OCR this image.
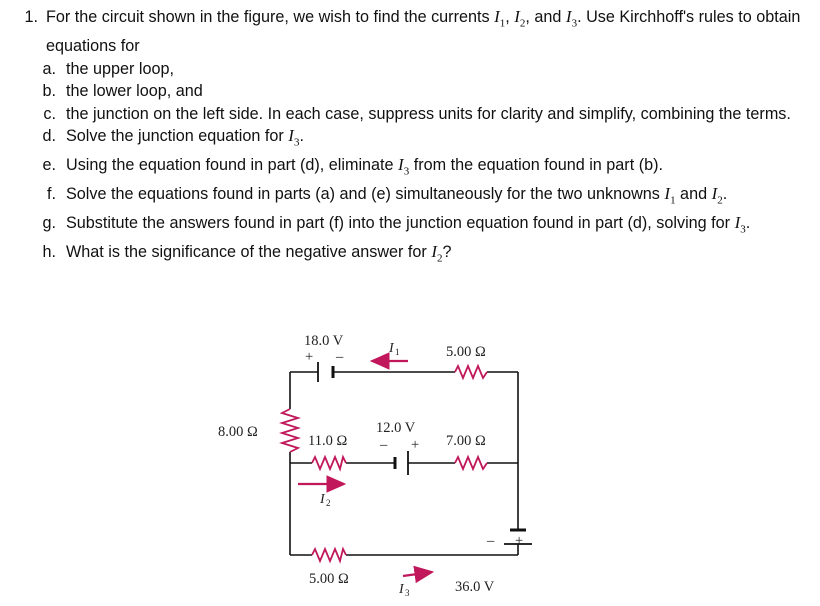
1. For the circuit shown in the figure, we wish to find the currents $I_1$, $I_2$, and $I_3$. Use Kirchhoff's rules to obtain equations for
a. the upper loop,
b. the lower loop, and
c. the junction on the left side. In each case, suppress units for clarity and simplify, combining the terms.
d. Solve the junction equation for $I_3$.
e. Using the equation found in part (d), eliminate $I_3$ from the equation found in part (b).
f. Solve the equations found in parts (a) and (e) simultaneously for the two unknowns $I_1$ and $I_2$.
g. Substitute the answers found in part (f) into the junction equation found in part (d), solving for $I_3$.
h. What is the significance of the negative answer for $I_2$?
18.0 V
+ –
I 1	5.00 Ω
8.00 Ω
11.0 Ω
I 2
12.0 V
– + 7.00 Ω
5.00 Ω
I 3
– +
36.0 V
